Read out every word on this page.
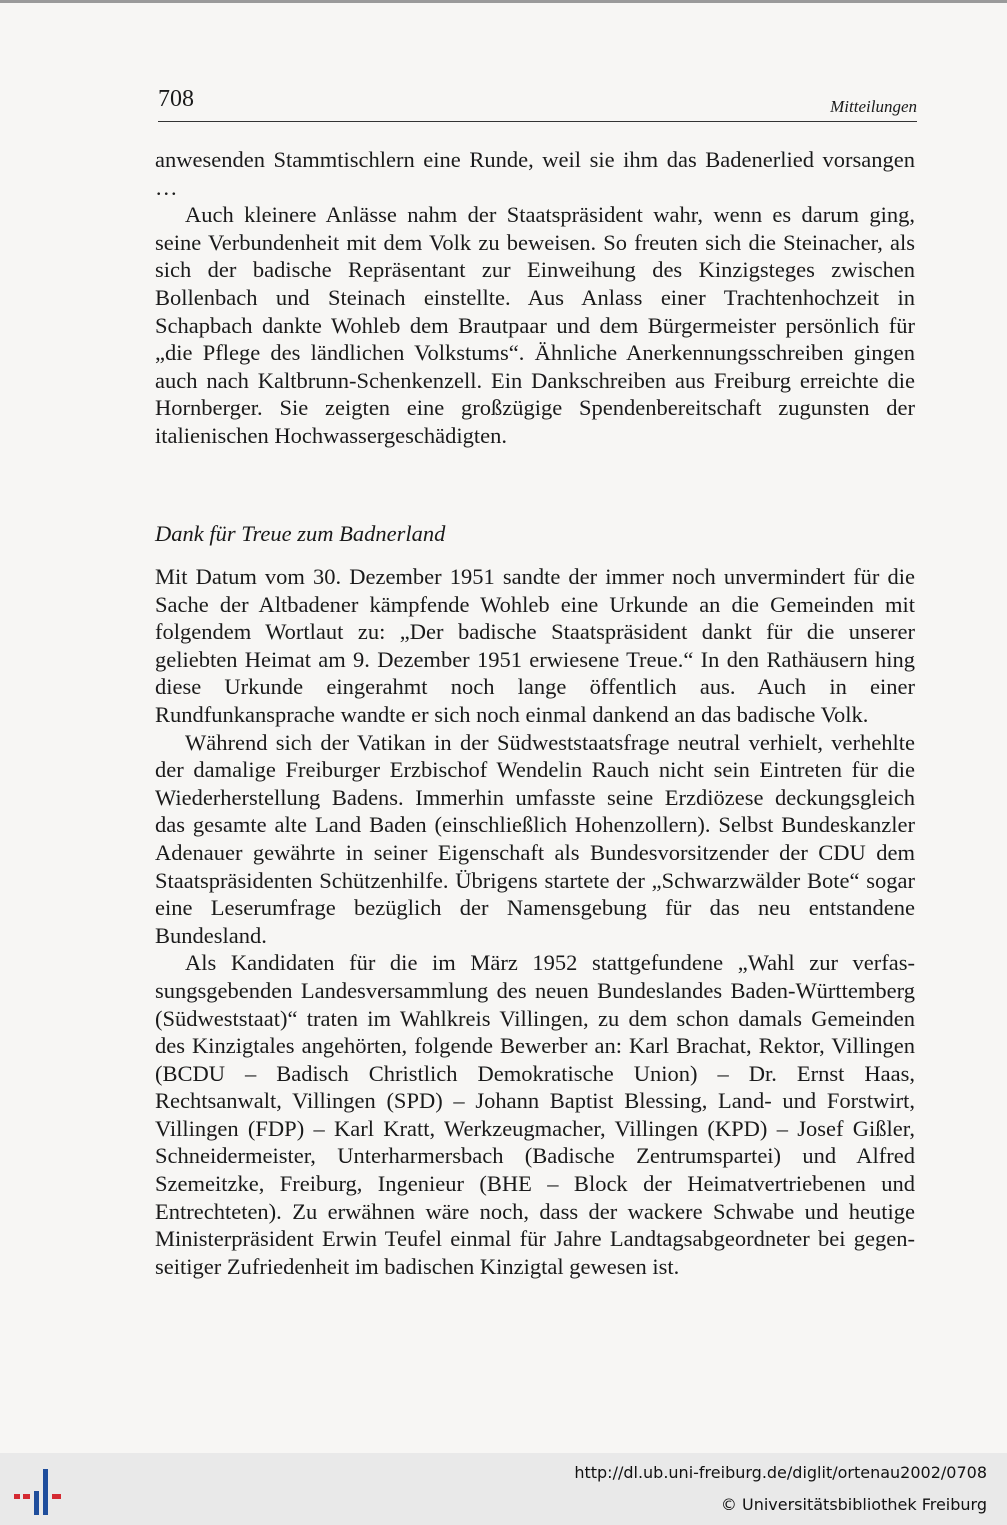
708	Mitteilungen

anwesenden Stammtischlern eine Runde, weil sie ihm das Badenerlied vorsangen …

Auch kleinere Anlässe nahm der Staatspräsident wahr, wenn es darum ging, seine Verbundenheit mit dem Volk zu beweisen. So freuten sich die Steinacher, als sich der badische Repräsentant zur Einweihung des Kinzigsteges zwischen Bollenbach und Steinach einstellte. Aus Anlass einer Trachtenhochzeit in Schapbach dankte Wohleb dem Brautpaar und dem Bürgermeister persönlich für „die Pflege des ländlichen Volkstums“. Ähnliche Anerkennungsschreiben gingen auch nach Kaltbrunn-Schenkenzell. Ein Dankschreiben aus Freiburg erreichte die Hornberger. Sie zeigten eine großzügige Spendenbereitschaft zugunsten der italienischen Hochwassergeschädigten.

Dank für Treue zum Badnerland

Mit Datum vom 30. Dezember 1951 sandte der immer noch unvermindert für die Sache der Altbadener kämpfende Wohleb eine Urkunde an die Gemeinden mit folgendem Wortlaut zu: „Der badische Staatspräsident dankt für die unserer geliebten Heimat am 9. Dezember 1951 erwiesene Treue.“ In den Rathäusern hing diese Urkunde eingerahmt noch lange öffentlich aus. Auch in einer Rundfunkansprache wandte er sich noch einmal dankend an das badische Volk.

Während sich der Vatikan in der Südweststaatsfrage neutral verhielt, verhehlte der damalige Freiburger Erzbischof Wendelin Rauch nicht sein Eintreten für die Wiederherstellung Badens. Immerhin umfasste seine Erzdiözese deckungsgleich das gesamte alte Land Baden (einschließlich Hohenzollern). Selbst Bundeskanzler Adenauer gewährte in seiner Eigenschaft als Bundesvorsitzender der CDU dem Staatspräsidenten Schützenhilfe. Übrigens startete der „Schwarzwälder Bote“ sogar eine Leserumfrage bezüglich der Namensgebung für das neu entstandene Bundesland.

Als Kandidaten für die im März 1952 stattgefundene „Wahl zur verfassungsgebenden Landesversammlung des neuen Bundeslandes Baden-Württemberg (Südweststaat)“ traten im Wahlkreis Villingen, zu dem schon damals Gemeinden des Kinzigtales angehörten, folgende Bewerber an: Karl Brachat, Rektor, Villingen (BCDU – Badisch Christlich Demokratische Union) – Dr. Ernst Haas, Rechtsanwalt, Villingen (SPD) – Johann Baptist Blessing, Land- und Forstwirt, Villingen (FDP) – Karl Kratt, Werkzeugmacher, Villingen (KPD) – Josef Gißler, Schneidermeister, Unterharmersbach (Badische Zentrumspartei) und Alfred Szemeitzke, Freiburg, Ingenieur (BHE – Block der Heimatvertriebenen und Entrechteten). Zu erwähnen wäre noch, dass der wackere Schwabe und heutige Ministerpräsident Erwin Teufel einmal für Jahre Landtagsabgeordneter bei gegenseitiger Zufriedenheit im badischen Kinzigtal gewesen ist.

http://dl.ub.uni-freiburg.de/diglit/ortenau2002/0708
© Universitätsbibliothek Freiburg
